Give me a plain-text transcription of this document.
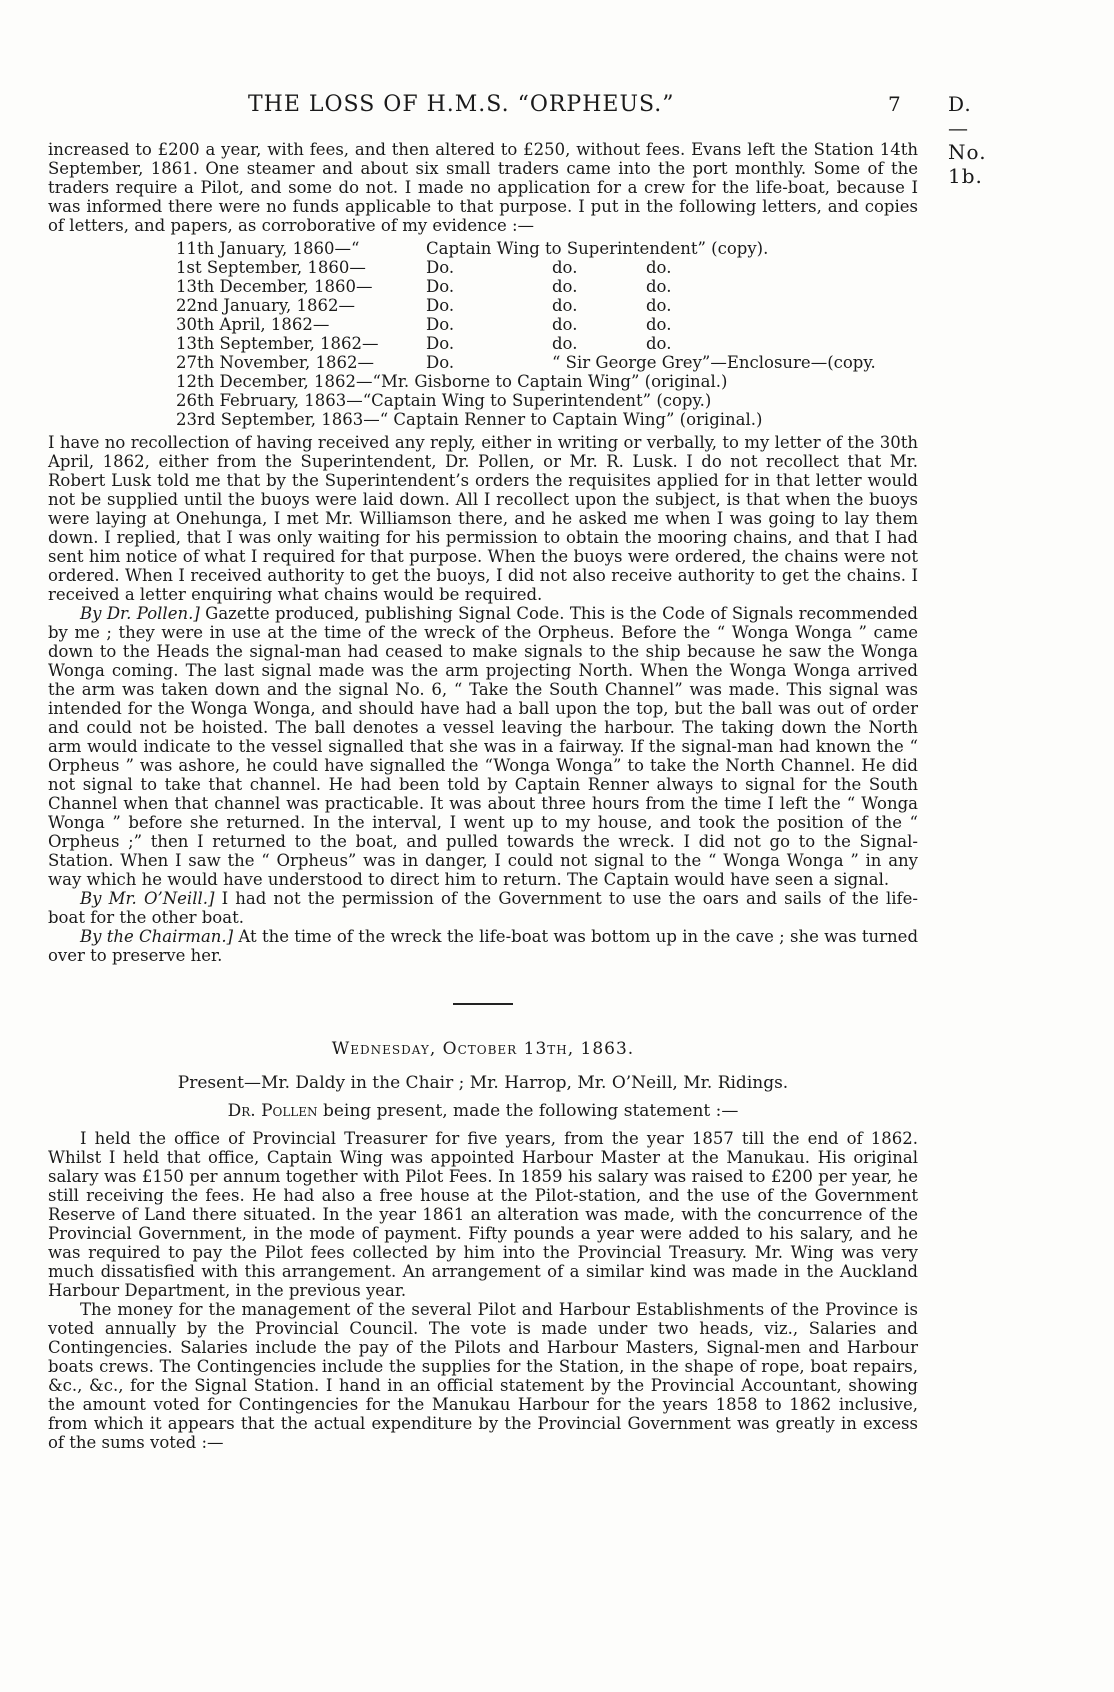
THE LOSS OF H.M.S. “ORPHEUS.”	7 D.—No. 1b.

increased to £200 a year, with fees, and then altered to £250, without fees. Evans left the Station 14th September, 1861. One steamer and about six small traders came into the port monthly. Some of the traders require a Pilot, and some do not. I made no application for a crew for the life-boat, because I was informed there were no funds applicable to that purpose. I put in the following letters, and copies of letters, and papers, as corroborative of my evidence :—

11th January, 1860—“	Captain Wing to Superintendent” (copy).
1st September, 1860—	Do.	do.	do.
13th December, 1860—	Do.	do.	do.
22nd January, 1862—	Do.	do.	do.
30th April, 1862—	Do.	do.	do.
13th September, 1862—	Do.	do.	do.
27th November, 1862—	Do.	“ Sir George Grey”—Enclosure—(copy.
12th December, 1862—“Mr. Gisborne to Captain Wing” (original.)
26th February, 1863—“Captain Wing to Superintendent” (copy.)
23rd September, 1863—“ Captain Renner to Captain Wing” (original.)

I have no recollection of having received any reply, either in writing or verbally, to my letter of the 30th April, 1862, either from the Superintendent, Dr. Pollen, or Mr. R. Lusk. I do not recollect that Mr. Robert Lusk told me that by the Superintendent’s orders the requisites applied for in that letter would not be supplied until the buoys were laid down. All I recollect upon the subject, is that when the buoys were laying at Onehunga, I met Mr. Williamson there, and he asked me when I was going to lay them down. I replied, that I was only waiting for his permission to obtain the mooring chains, and that I had sent him notice of what I required for that purpose. When the buoys were ordered, the chains were not ordered. When I received authority to get the buoys, I did not also receive authority to get the chains. I received a letter enquiring what chains would be required.

By Dr. Pollen.] Gazette produced, publishing Signal Code. This is the Code of Signals recommended by me ; they were in use at the time of the wreck of the Orpheus. Before the “ Wonga Wonga ” came down to the Heads the signal-man had ceased to make signals to the ship because he saw the Wonga Wonga coming. The last signal made was the arm projecting North. When the Wonga Wonga arrived the arm was taken down and the signal No. 6, “ Take the South Channel” was made. This signal was intended for the Wonga Wonga, and should have had a ball upon the top, but the ball was out of order and could not be hoisted. The ball denotes a vessel leaving the harbour. The taking down the North arm would indicate to the vessel signalled that she was in a fairway. If the signal-man had known the “ Orpheus ” was ashore, he could have signalled the “Wonga Wonga” to take the North Channel. He did not signal to take that channel. He had been told by Captain Renner always to signal for the South Channel when that channel was practicable. It was about three hours from the time I left the “ Wonga Wonga ” before she returned. In the interval, I went up to my house, and took the position of the “ Orpheus ;” then I returned to the boat, and pulled towards the wreck. I did not go to the Signal-Station. When I saw the “ Orpheus” was in danger, I could not signal to the “ Wonga Wonga ” in any way which he would have understood to direct him to return. The Captain would have seen a signal.

By Mr. O’Neill.] I had not the permission of the Government to use the oars and sails of the life-boat for the other boat.

By the Chairman.] At the time of the wreck the life-boat was bottom up in the cave ; she was turned over to preserve her.

Wednesday, October 13th, 1863.

Present—Mr. Daldy in the Chair ; Mr. Harrop, Mr. O’Neill, Mr. Ridings.

Dr. Pollen being present, made the following statement :—

I held the office of Provincial Treasurer for five years, from the year 1857 till the end of 1862. Whilst I held that office, Captain Wing was appointed Harbour Master at the Manukau. His original salary was £150 per annum together with Pilot Fees. In 1859 his salary was raised to £200 per year, he still receiving the fees. He had also a free house at the Pilot-station, and the use of the Government Reserve of Land there situated. In the year 1861 an alteration was made, with the concurrence of the Provincial Government, in the mode of payment. Fifty pounds a year were added to his salary, and he was required to pay the Pilot fees collected by him into the Provincial Treasury. Mr. Wing was very much dissatisfied with this arrangement. An arrangement of a similar kind was made in the Auckland Harbour Department, in the previous year.

The money for the management of the several Pilot and Harbour Establishments of the Province is voted annually by the Provincial Council. The vote is made under two heads, viz., Salaries and Contingencies. Salaries include the pay of the Pilots and Harbour Masters, Signal-men and Harbour boats crews. The Contingencies include the supplies for the Station, in the shape of rope, boat repairs, &c., &c., for the Signal Station. I hand in an official statement by the Provincial Accountant, showing the amount voted for Contingencies for the Manukau Harbour for the years 1858 to 1862 inclusive, from which it appears that the actual expenditure by the Provincial Government was greatly in excess of the sums voted :—
